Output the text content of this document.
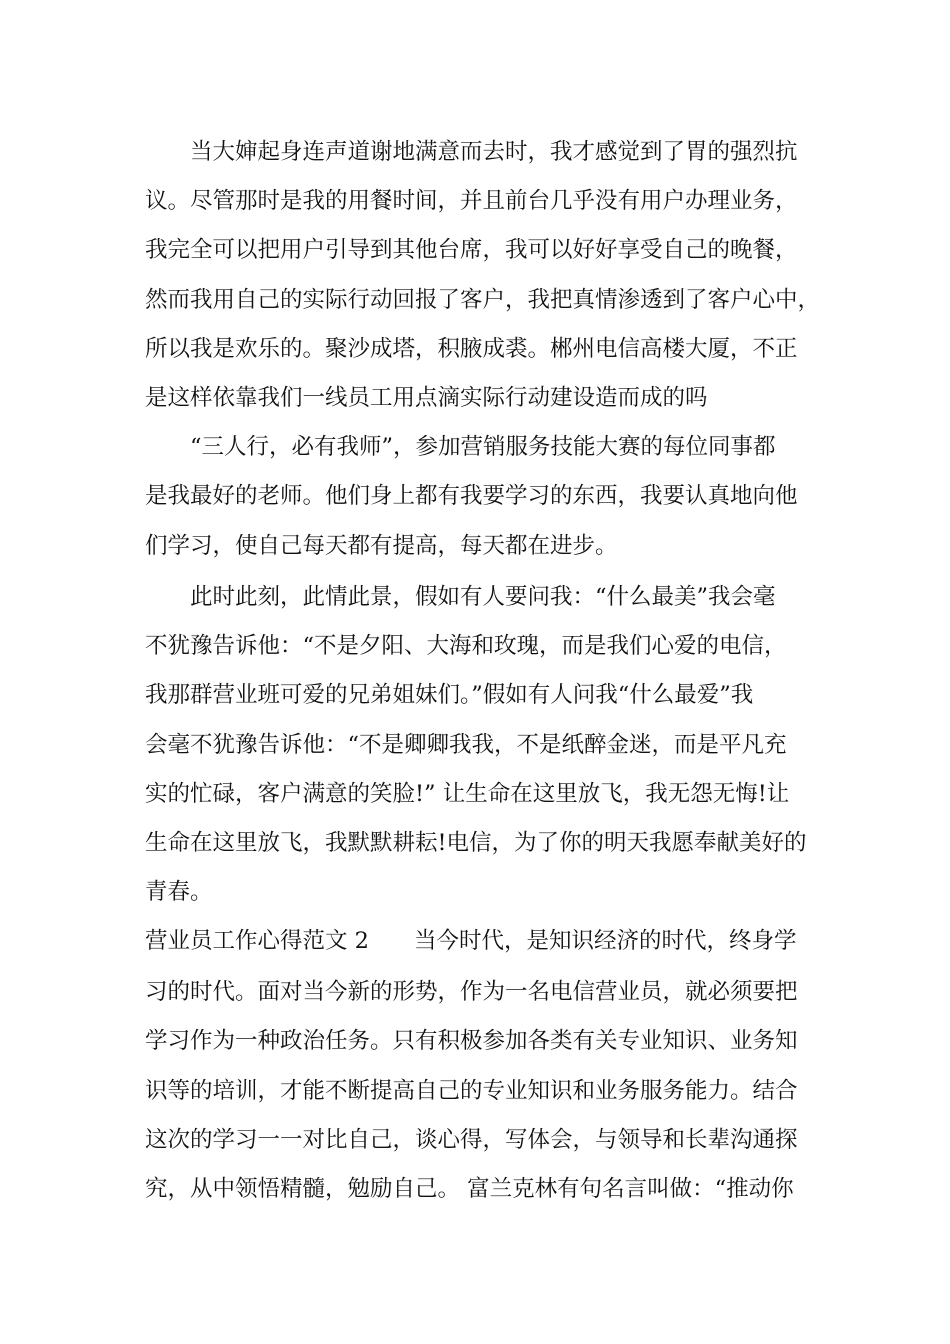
　　当大婶起身连声道谢地满意而去时，我才感觉到了胃的强烈抗
议。尽管那时是我的用餐时间，并且前台几乎没有用户办理业务，
我完全可以把用户引导到其他台席，我可以好好享受自己的晚餐，
然而我用自己的实际行动回报了客户，我把真情渗透到了客户心中，
所以我是欢乐的。聚沙成塔，积腋成裘。郴州电信高楼大厦，不正
是这样依靠我们一线员工用点滴实际行动建设造而成的吗
　　“三人行，必有我师”，参加营销服务技能大赛的每位同事都
是我最好的老师。他们身上都有我要学习的东西，我要认真地向他
们学习，使自己每天都有提高，每天都在进步。
　　此时此刻，此情此景，假如有人要问我：“什么最美”我会毫
不犹豫告诉他：“不是夕阳、大海和玫瑰，而是我们心爱的电信，
我那群营业班可爱的兄弟姐妹们。”假如有人问我“什么最爱”我
会毫不犹豫告诉他：“不是卿卿我我，不是纸醉金迷，而是平凡充
实的忙碌，客户满意的笑脸!” 让生命在这里放飞，我无怨无悔!让
生命在这里放飞，我默默耕耘!电信，为了你的明天我愿奉献美好的
青春。
营业员工作心得范文 2　　当今时代，是知识经济的时代，终身学
习的时代。面对当今新的形势，作为一名电信营业员，就必须要把
学习作为一种政治任务。只有积极参加各类有关专业知识、业务知
识等的培训，才能不断提高自己的专业知识和业务服务能力。结合
这次的学习一一对比自己，谈心得，写体会，与领导和长辈沟通探
究，从中领悟精髓，勉励自己。 富兰克林有句名言叫做：“推动你
